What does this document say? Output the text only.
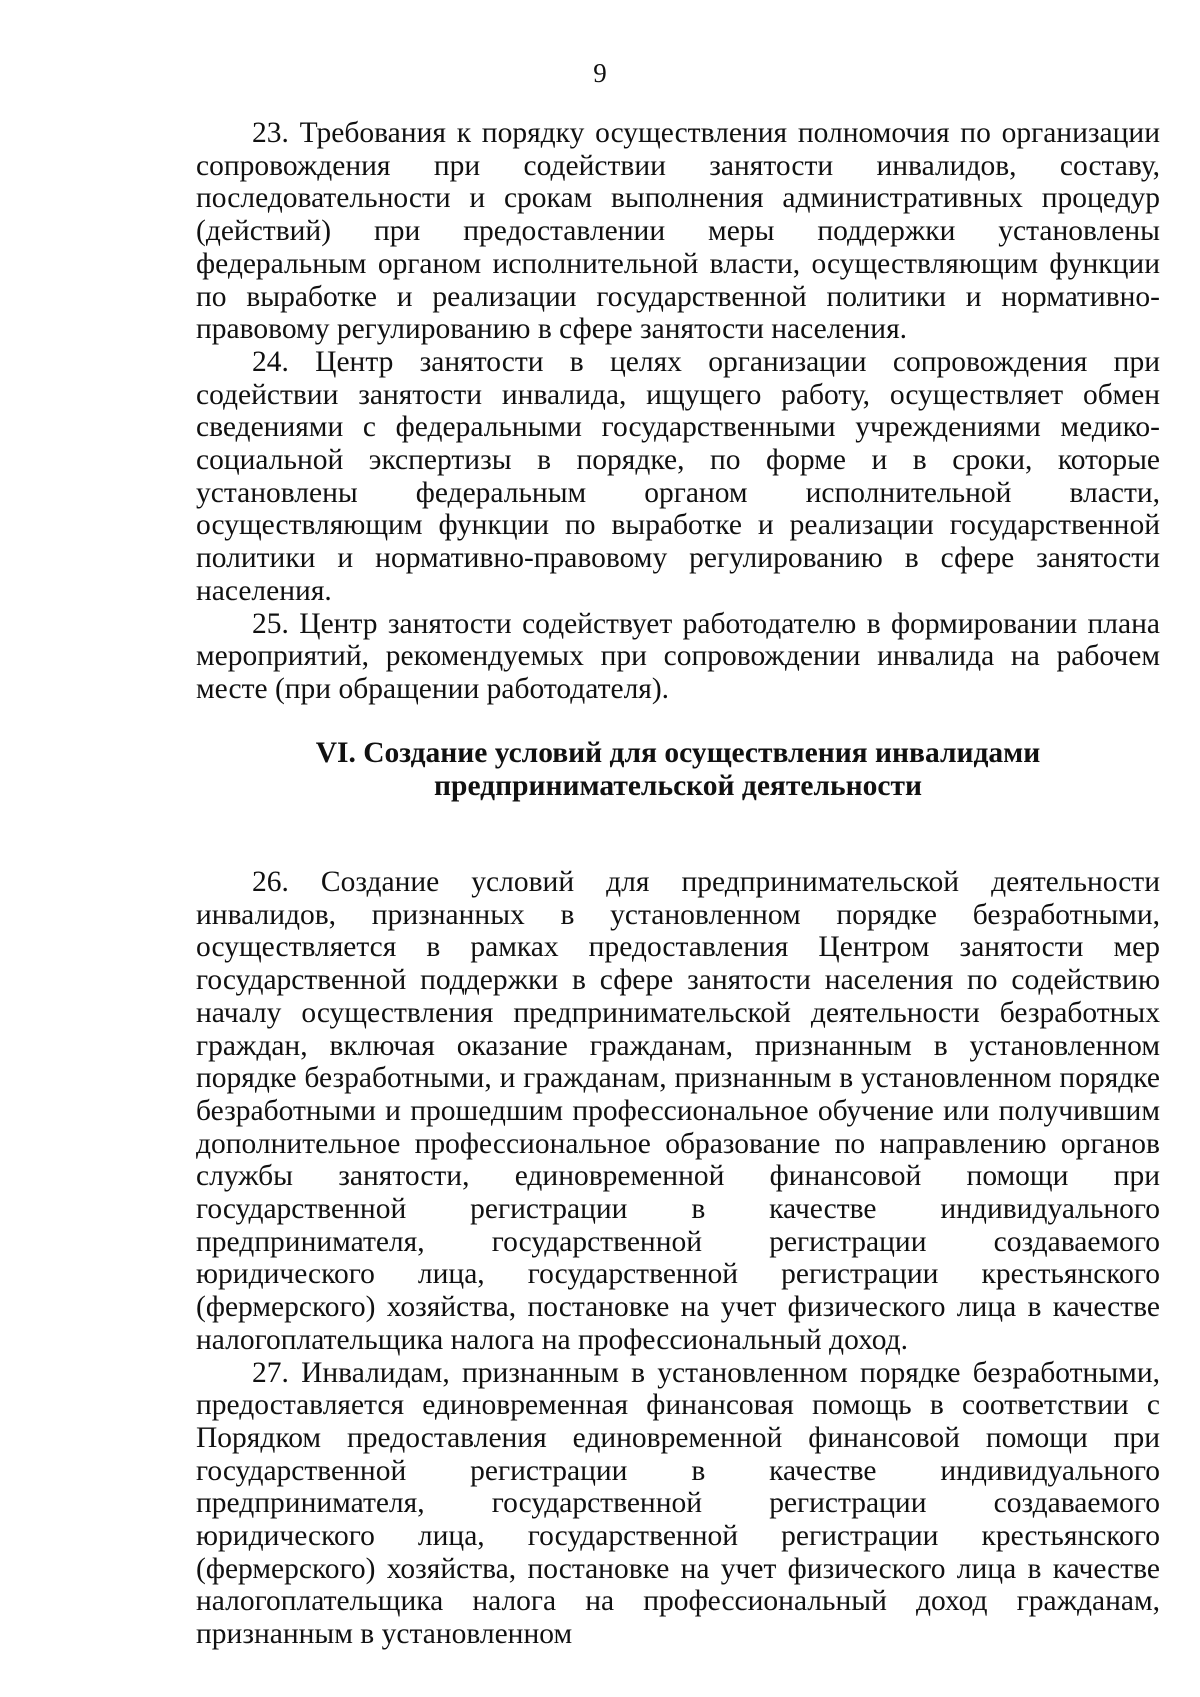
9

23. Требования к порядку осуществления полномочия по организации сопровождения при содействии занятости инвалидов, составу, последовательности и срокам выполнения административных процедур (действий) при предоставлении меры поддержки установлены федеральным органом исполнительной власти, осуществляющим функции по выработке и реализации государственной политики и нормативно-правовому регулированию в сфере занятости населения.

24. Центр занятости в целях организации сопровождения при содействии занятости инвалида, ищущего работу, осуществляет обмен сведениями с федеральными государственными учреждениями медико-социальной экспертизы в порядке, по форме и в сроки, которые установлены федеральным органом исполнительной власти, осуществляющим функции по выработке и реализации государственной политики и нормативно-правовому регулированию в сфере занятости населения.

25. Центр занятости содействует работодателю в формировании плана мероприятий, рекомендуемых при сопровождении инвалида на рабочем месте (при обращении работодателя).

VI. Создание условий для осуществления инвалидами
предпринимательской деятельности

26. Создание условий для предпринимательской деятельности инвалидов, признанных в установленном порядке безработными, осуществляется в рамках предоставления Центром занятости мер государственной поддержки в сфере занятости населения по содействию началу осуществления предпринимательской деятельности безработных граждан, включая оказание гражданам, признанным в установленном порядке безработными, и гражданам, признанным в установленном порядке безработными и прошедшим профессиональное обучение или получившим дополнительное профессиональное образование по направлению органов службы занятости, единовременной финансовой помощи при государственной регистрации в качестве индивидуального предпринимателя, государственной регистрации создаваемого юридического лица, государственной регистрации крестьянского (фермерского) хозяйства, постановке на учет физического лица в качестве налогоплательщика налога на профессиональный доход.

27. Инвалидам, признанным в установленном порядке безработными, предоставляется единовременная финансовая помощь в соответствии с Порядком предоставления единовременной финансовой помощи при государственной регистрации в качестве индивидуального предпринимателя, государственной регистрации создаваемого юридического лица, государственной регистрации крестьянского (фермерского) хозяйства, постановке на учет физического лица в качестве налогоплательщика налога на профессиональный доход гражданам, признанным в установленном
